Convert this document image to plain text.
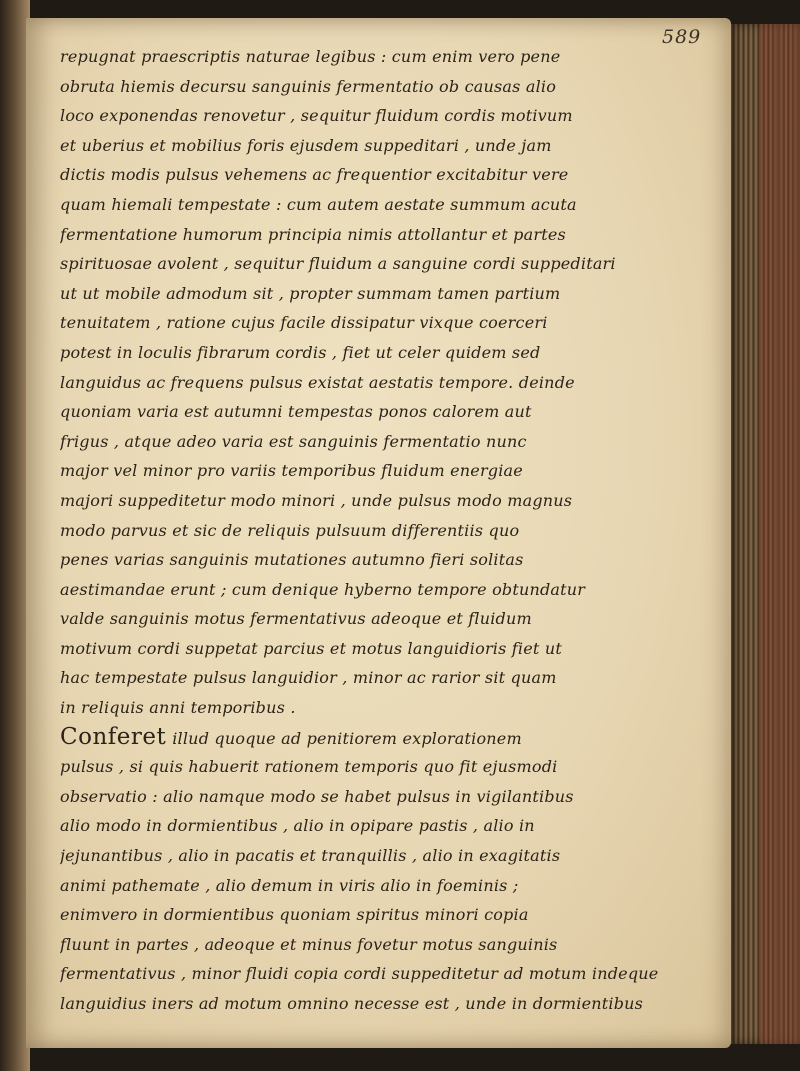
589
repugnat praescriptis naturae legibus : cum enim vero pene
obruta hiemis decursu sanguinis fermentatio ob causas alio
loco exponendas renovetur , sequitur fluidum cordis motivum
et uberius et mobilius foris ejusdem suppeditari , unde jam
dictis modis pulsus vehemens ac frequentior excitabitur vere
quam hiemali tempestate : cum autem aestate summum acuta
fermentatione humorum principia nimis attollantur et partes
spirituosae avolent , sequitur fluidum a sanguine cordi suppeditari
ut ut mobile admodum sit , propter summam tamen partium
tenuitatem , ratione cujus facile dissipatur vixque coerceri
potest in loculis fibrarum cordis , fiet ut celer quidem sed
languidus ac frequens pulsus existat aestatis tempore. deinde
quoniam varia est autumni tempestas ponos calorem aut
frigus , atque adeo varia est sanguinis fermentatio nunc
major vel minor pro variis temporibus fluidum energiae
majori suppeditetur modo minori , unde pulsus modo magnus
modo parvus et sic de reliquis pulsuum differentiis quo
penes varias sanguinis mutationes autumno fieri solitas
aestimandae erunt ; cum denique hyberno tempore obtundatur
valde sanguinis motus fermentativus adeoque et fluidum
motivum cordi suppetat parcius et motus languidioris fiet ut
hac tempestate pulsus languidior , minor ac rarior sit quam
in reliquis anni temporibus .
Conferet illud quoque ad penitiorem explorationem
pulsus , si quis habuerit rationem temporis quo fit ejusmodi
observatio : alio namque modo se habet pulsus in vigilantibus
alio modo in dormientibus , alio in opipare pastis , alio in
jejunantibus , alio in pacatis et tranquillis , alio in exagitatis
animi pathemate , alio demum in viris alio in foeminis ;
enimvero in dormientibus quoniam spiritus minori copia
fluunt in partes , adeoque et minus fovetur motus sanguinis
fermentativus , minor fluidi copia cordi suppeditetur ad motum indeque
languidius iners ad motum omnino necesse est , unde in dormientibus
